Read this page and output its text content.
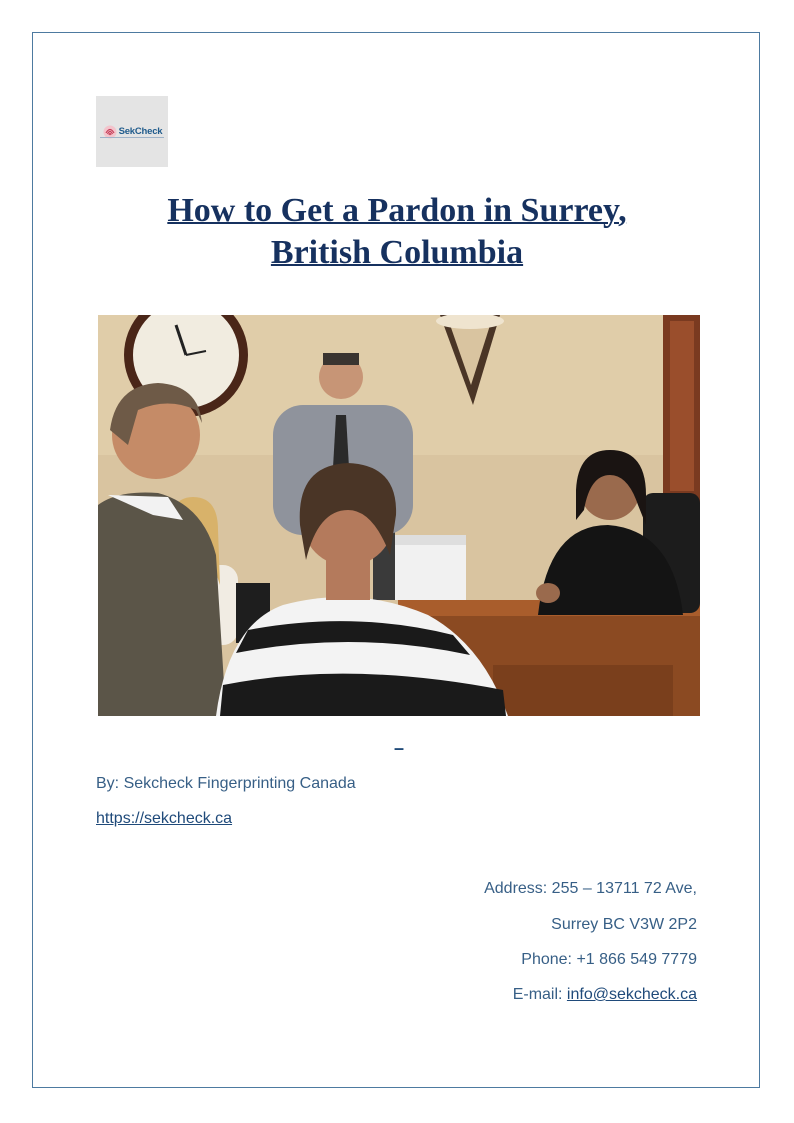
SekCheck
How to Get a Pardon in Surrey,
British Columbia
–
By: Sekcheck Fingerprinting Canada
https://sekcheck.ca
Address: 255 – 13711 72 Ave,
Surrey BC V3W 2P2
Phone: +1 866 549 7779
E-mail: info@sekcheck.ca
